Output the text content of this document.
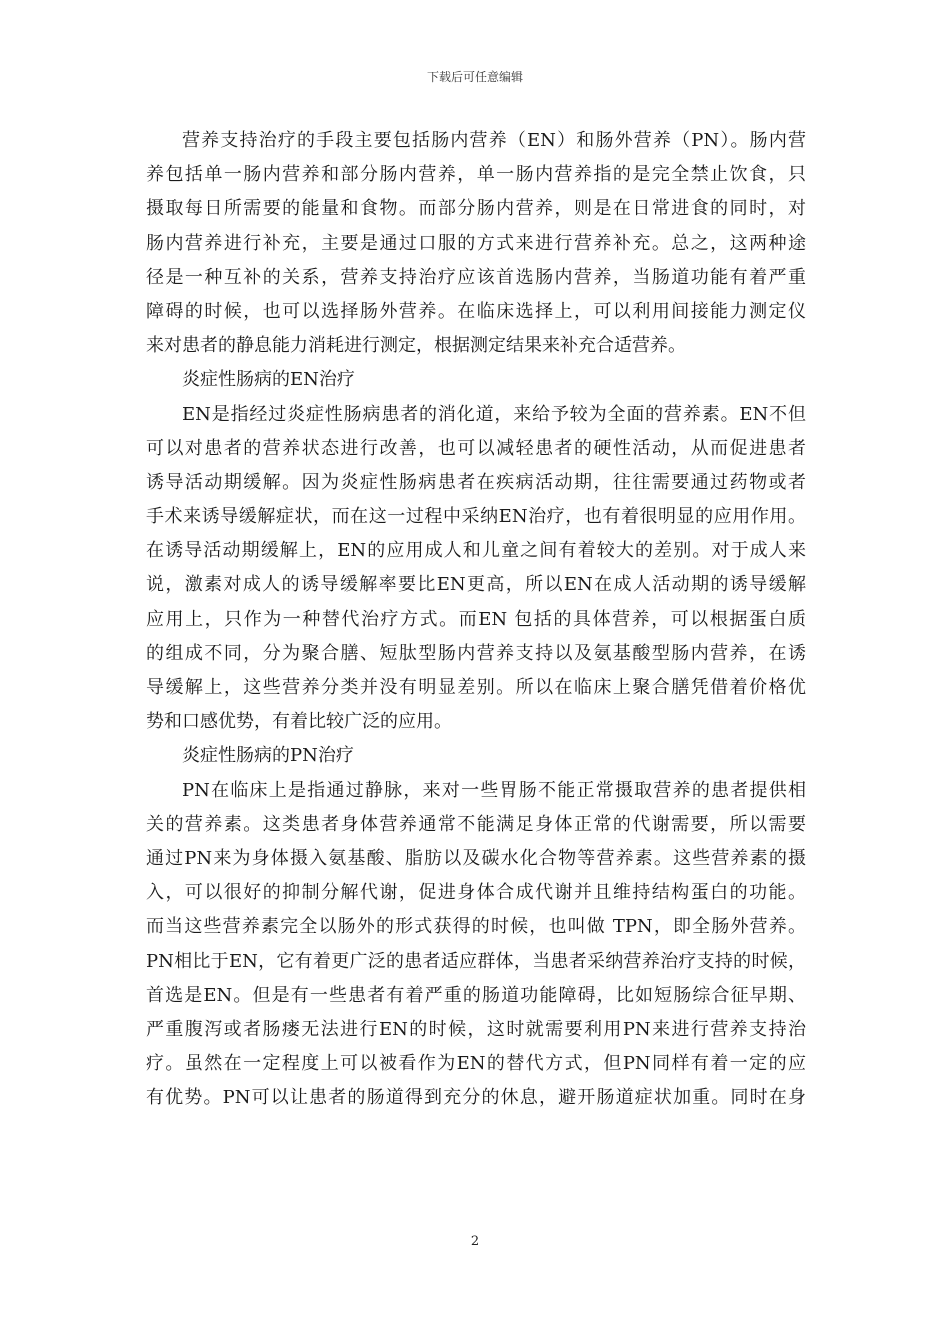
下载后可任意编辑

营养支持治疗的手段主要包括肠内营养（EN）和肠外营养（PN）。肠内营
养包括单一肠内营养和部分肠内营养，单一肠内营养指的是完全禁止饮食，只
摄取每日所需要的能量和食物。而部分肠内营养，则是在日常进食的同时，对
肠内营养进行补充，主要是通过口服的方式来进行营养补充。总之，这两种途
径是一种互补的关系，营养支持治疗应该首选肠内营养，当肠道功能有着严重
障碍的时候，也可以选择肠外营养。在临床选择上，可以利用间接能力测定仪
来对患者的静息能力消耗进行测定，根据测定结果来补充合适营养。

炎症性肠病的EN治疗

EN是指经过炎症性肠病患者的消化道，来给予较为全面的营养素。EN不但
可以对患者的营养状态进行改善，也可以减轻患者的硬性活动，从而促进患者
诱导活动期缓解。因为炎症性肠病患者在疾病活动期，往往需要通过药物或者
手术来诱导缓解症状，而在这一过程中采纳EN治疗，也有着很明显的应用作用。
在诱导活动期缓解上，EN的应用成人和儿童之间有着较大的差别。对于成人来
说，激素对成人的诱导缓解率要比EN更高，所以EN在成人活动期的诱导缓解
应用上，只作为一种替代治疗方式。而EN 包括的具体营养，可以根据蛋白质
的组成不同，分为聚合膳、短肽型肠内营养支持以及氨基酸型肠内营养，在诱
导缓解上，这些营养分类并没有明显差别。所以在临床上聚合膳凭借着价格优
势和口感优势，有着比较广泛的应用。

炎症性肠病的PN治疗

PN在临床上是指通过静脉，来对一些胃肠不能正常摄取营养的患者提供相
关的营养素。这类患者身体营养通常不能满足身体正常的代谢需要，所以需要
通过PN来为身体摄入氨基酸、脂肪以及碳水化合物等营养素。这些营养素的摄
入，可以很好的抑制分解代谢，促进身体合成代谢并且维持结构蛋白的功能。
而当这些营养素完全以肠外的形式获得的时候，也叫做 TPN，即全肠外营养。
PN相比于EN，它有着更广泛的患者适应群体，当患者采纳营养治疗支持的时候，
首选是EN。但是有一些患者有着严重的肠道功能障碍，比如短肠综合征早期、
严重腹泻或者肠瘘无法进行EN的时候，这时就需要利用PN来进行营养支持治
疗。虽然在一定程度上可以被看作为EN的替代方式，但PN同样有着一定的应
有优势。PN可以让患者的肠道得到充分的休息，避开肠道症状加重。同时在身

2
